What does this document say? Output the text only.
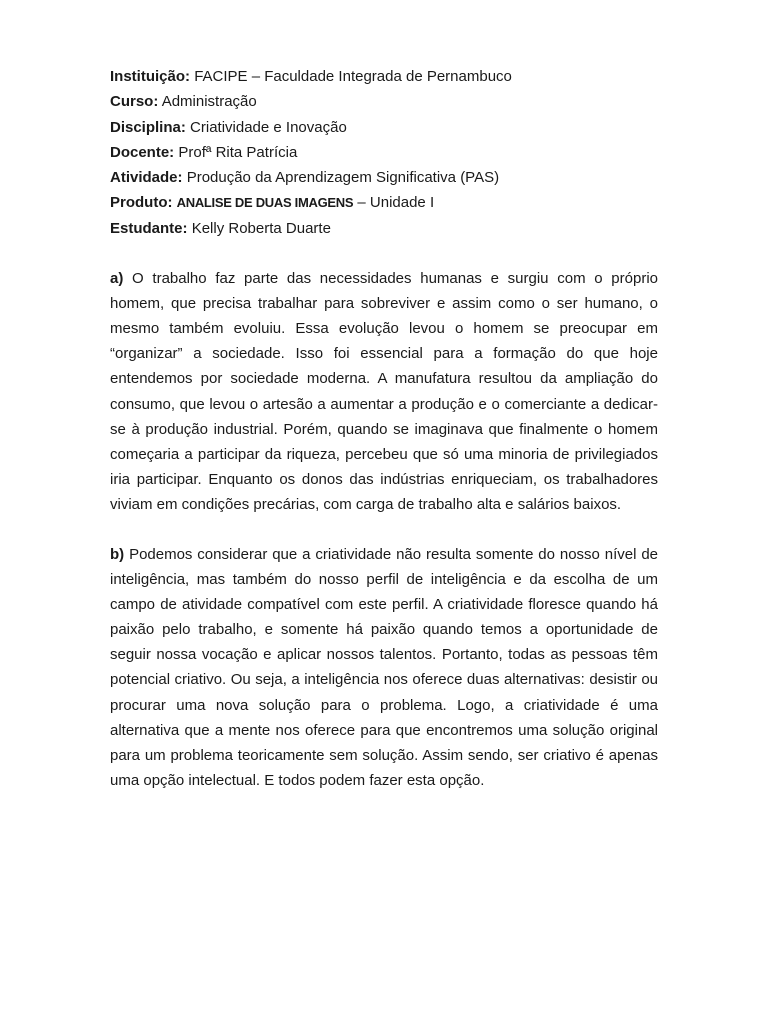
Instituição: FACIPE – Faculdade Integrada de Pernambuco
Curso: Administração
Disciplina: Criatividade e Inovação
Docente: Profª Rita Patrícia
Atividade: Produção da Aprendizagem Significativa (PAS)
Produto: ANALISE DE DUAS IMAGENS – Unidade I
Estudante: Kelly Roberta Duarte

a) O trabalho faz parte das necessidades humanas e surgiu com o próprio homem, que precisa trabalhar para sobreviver e assim como o ser humano, o mesmo também evoluiu. Essa evolução levou o homem se preocupar em “organizar” a sociedade. Isso foi essencial para a formação do que hoje entendemos por sociedade moderna. A manufatura resultou da ampliação do consumo, que levou o artesão a aumentar a produção e o comerciante a dedicar-se à produção industrial. Porém, quando se imaginava que finalmente o homem começaria a participar da riqueza, percebeu que só uma minoria de privilegiados iria participar. Enquanto os donos das indústrias enriqueciam, os trabalhadores viviam em condições precárias, com carga de trabalho alta e salários baixos.

b) Podemos considerar que a criatividade não resulta somente do nosso nível de inteligência, mas também do nosso perfil de inteligência e da escolha de um campo de atividade compatível com este perfil. A criatividade floresce quando há paixão pelo trabalho, e somente há paixão quando temos a oportunidade de seguir nossa vocação e aplicar nossos talentos. Portanto, todas as pessoas têm potencial criativo. Ou seja, a inteligência nos oferece duas alternativas: desistir ou procurar uma nova solução para o problema. Logo, a criatividade é uma alternativa que a mente nos oferece para que encontremos uma solução original para um problema teoricamente sem solução. Assim sendo, ser criativo é apenas uma opção intelectual. E todos podem fazer esta opção.
